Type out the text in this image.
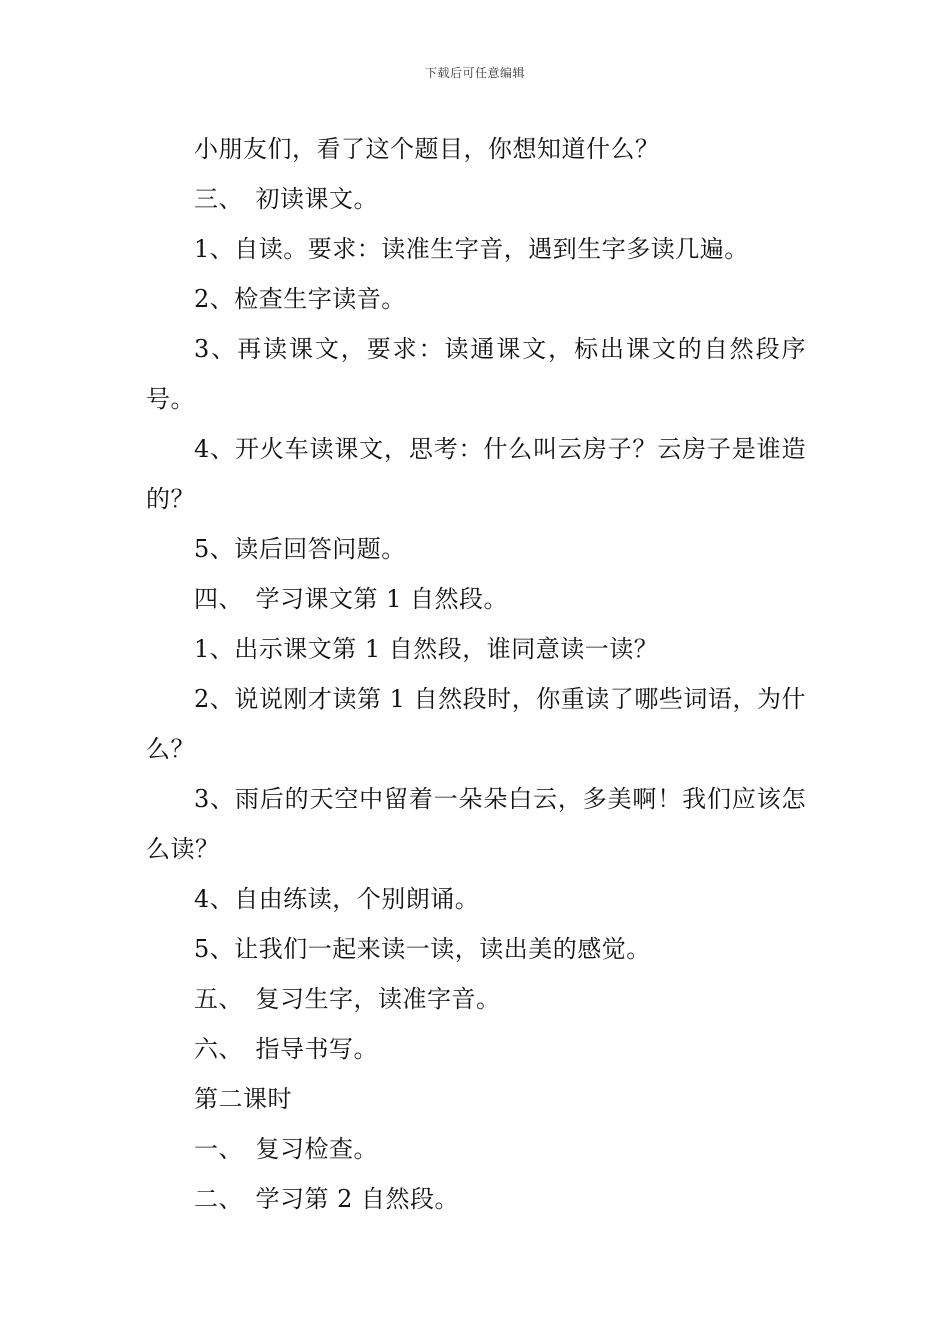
下载后可任意编辑

小朋友们，看了这个题目，你想知道什么？

三、　初读课文。

1、自读。要求：读准生字音，遇到生字多读几遍。

2、检查生字读音。

3、再读课文，要求：读通课文，标出课文的自然段序号。

4、开火车读课文，思考：什么叫云房子？云房子是谁造的？

5、读后回答问题。

四、　学习课文第 1 自然段。

1、出示课文第 1 自然段，谁同意读一读？

2、说说刚才读第 1 自然段时，你重读了哪些词语，为什么？

3、雨后的天空中留着一朵朵白云，多美啊！我们应该怎么读？

4、自由练读，个别朗诵。

5、让我们一起来读一读，读出美的感觉。

五、　复习生字，读准字音。

六、　指导书写。

第二课时

一、　复习检查。

二、　学习第 2 自然段。
